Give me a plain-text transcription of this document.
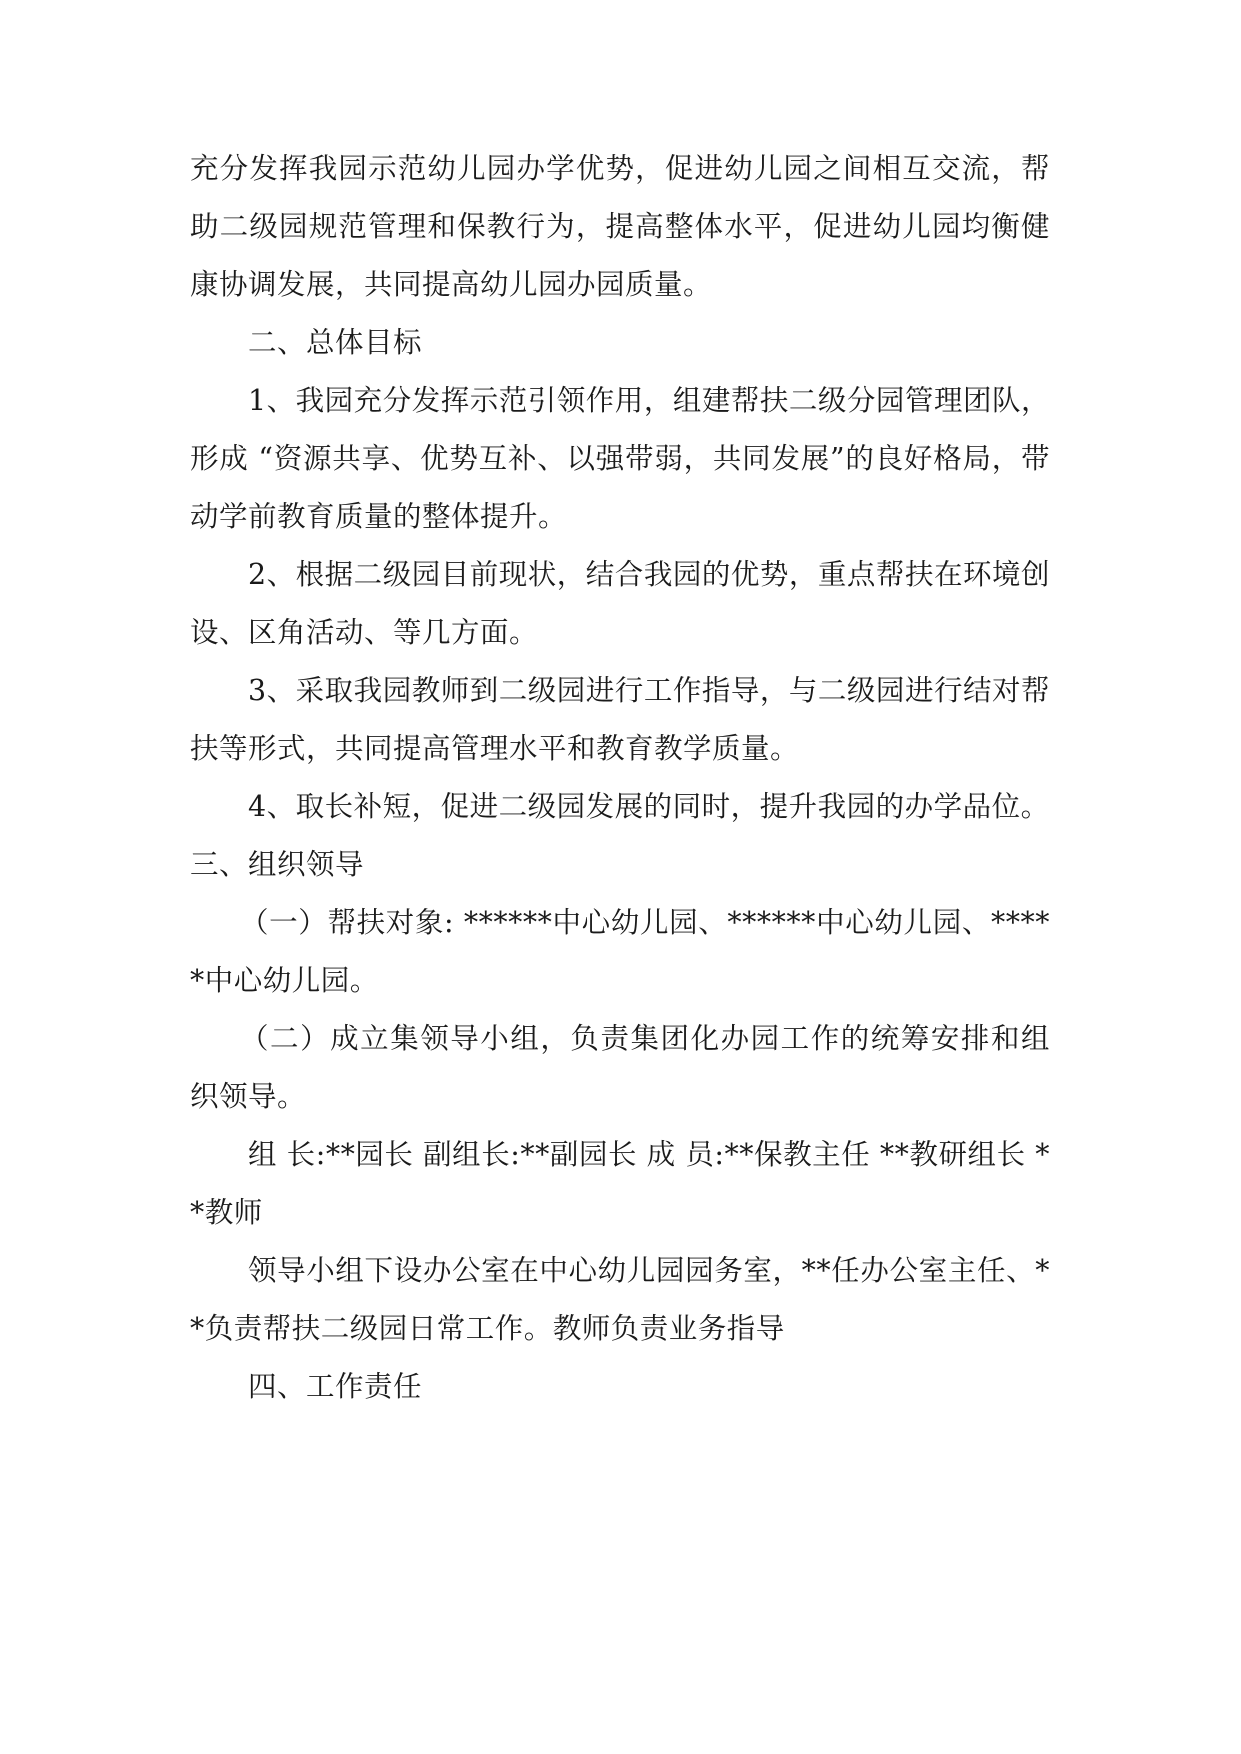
充分发挥我园示范幼儿园办学优势，促进幼儿园之间相互交流，帮助二级园规范管理和保教行为，提高整体水平，促进幼儿园均衡健康协调发展，共同提高幼儿园办园质量。

二、总体目标

1、我园充分发挥示范引领作用，组建帮扶二级分园管理团队，形成 “资源共享、优势互补、以强带弱，共同发展”的良好格局，带动学前教育质量的整体提升。

2、根据二级园目前现状，结合我园的优势，重点帮扶在环境创设、区角活动、等几方面。

3、采取我园教师到二级园进行工作指导，与二级园进行结对帮扶等形式，共同提高管理水平和教育教学质量。

4、取长补短，促进二级园发展的同时，提升我园的办学品位。

三、组织领导

（一）帮扶对象: ******中心幼儿园、******中心幼儿园、*****中心幼儿园。

（二）成立集领导小组，负责集团化办园工作的统筹安排和组织领导。

组 长:**园长 副组长:**副园长 成 员:**保教主任 **教研组长 **教师

领导小组下设办公室在中心幼儿园园务室，**任办公室主任、**负责帮扶二级园日常工作。教师负责业务指导

四、工作责任
